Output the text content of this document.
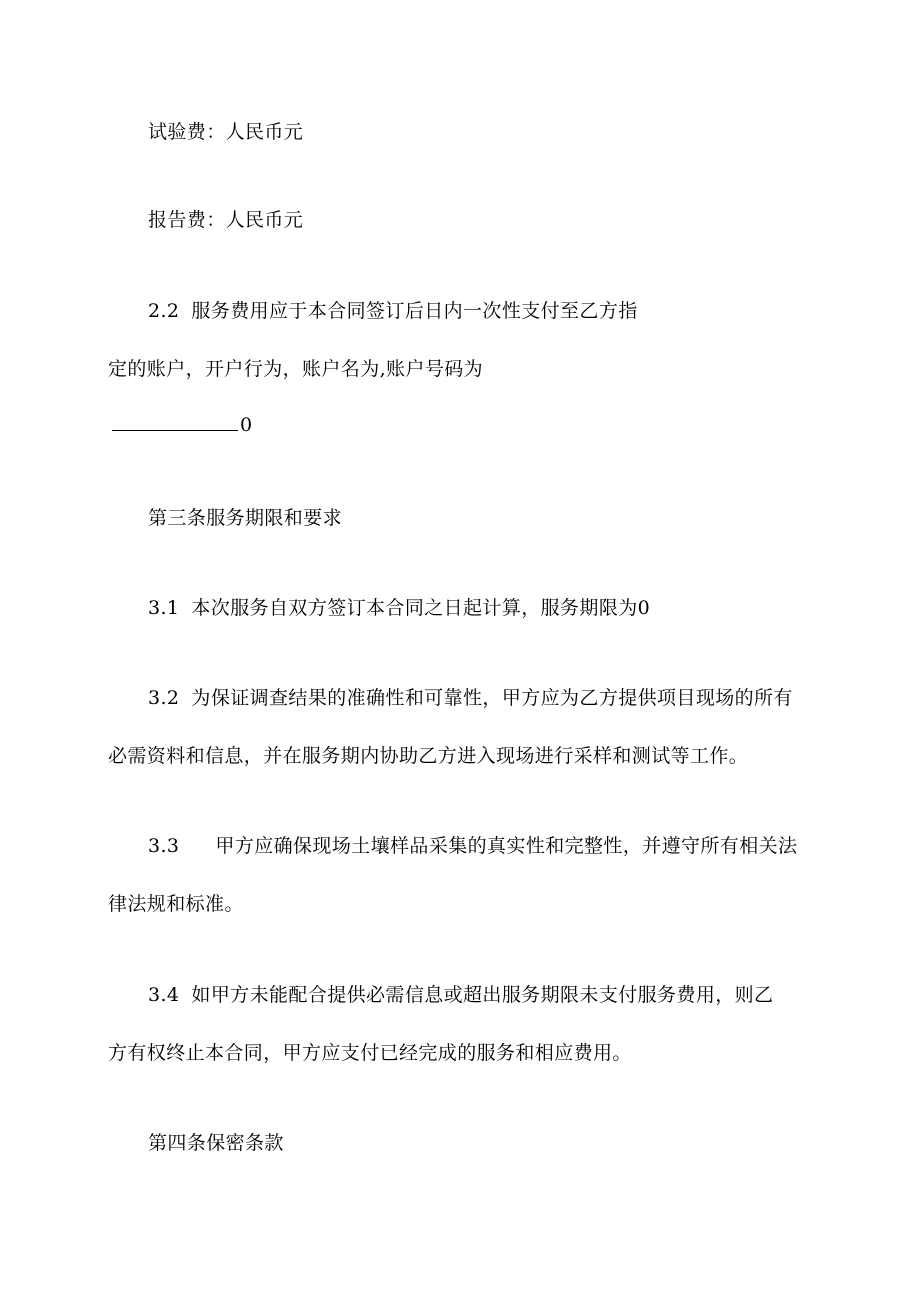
试验费：人民币元
报告费：人民币元
2.2 服务费用应于本合同签订后日内一次性支付至乙方指
定的账户，开户行为，账户名为,账户号码为
0
第三条服务期限和要求
3.1 本次服务自双方签订本合同之日起计算，服务期限为0
3.2 为保证调查结果的准确性和可靠性，甲方应为乙方提供项目现场的所有
必需资料和信息，并在服务期内协助乙方进入现场进行采样和测试等工作。
3.3 甲方应确保现场土壤样品采集的真实性和完整性，并遵守所有相关法
律法规和标准。
3.4 如甲方未能配合提供必需信息或超出服务期限未支付服务费用，则乙
方有权终止本合同，甲方应支付已经完成的服务和相应费用。
第四条保密条款
